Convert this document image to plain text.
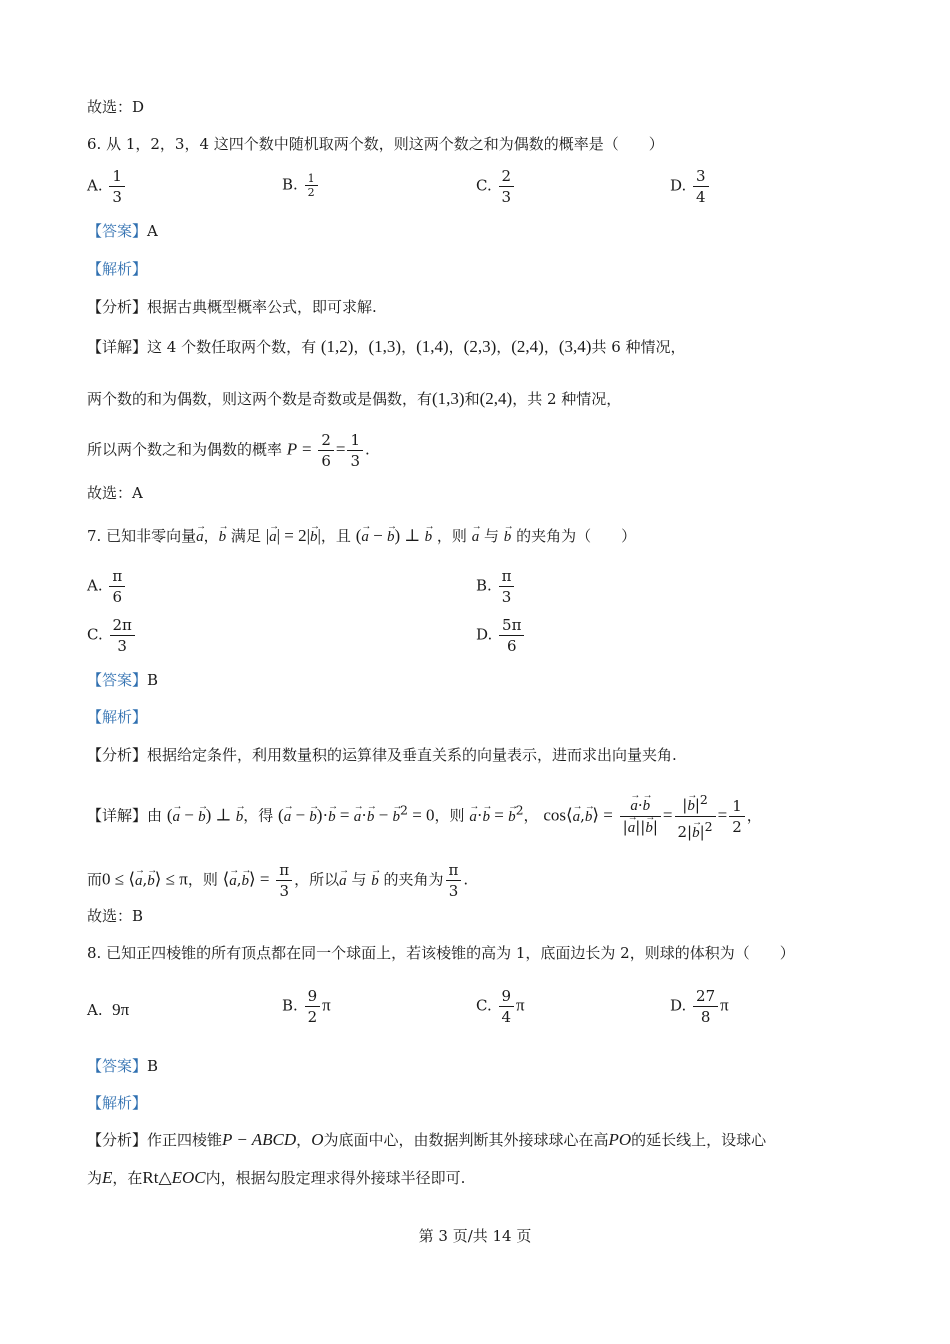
故选：D
6. 从 1，2，3，4 这四个数中随机取两个数，则这两个数之和为偶数的概率是（　　）
A. $\frac{1}{3}$	B. $\frac{1}{2}$	C. $\frac{2}{3}$	D. $\frac{3}{4}$
【答案】A
【解析】
【分析】根据古典概型概率公式，即可求解.
【详解】这 4 个数任取两个数，有 (1,2)，(1,3)，(1,4)，(2,3)，(2,4)，(3,4)共 6 种情况，
两个数的和为偶数，则这两个数是奇数或是偶数，有(1,3)和(2,4)，共 2 种情况，
所以两个数之和为偶数的概率 $P = \frac{2}{6} = \frac{1}{3}$ .
故选：A
7. 已知非零向量→ a，→ b 满足 |→ a| = 2|→ b|，且 (→ a − → b) ⊥ → b ，则 → a 与 → b 的夹角为（　　）
A. $\frac{\pi}{6}$	B. $\frac{\pi}{3}$
C. $\frac{2\pi}{3}$	D. $\frac{5\pi}{6}$
【答案】B
【解析】
【分析】根据给定条件，利用数量积的运算律及垂直关系的向量表示，进而求出向量夹角.
【详解】由 (→ a − → b) ⊥ → b，得 (→ a − → b)·→ b = → a·→ b − → $b^2 = 0$，则 → a·→ b = → $b^2$， cos⟨→ a,→ b⟩ = → $\frac{a\cdot\to b}{|\to a||\to b|} = \frac{|\to b|^2}{2|\to b|^2} = \frac{1}{2}$ ，
而0 ≤ ⟨→ a,→ b⟩ ≤ π，则 ⟨→ a,→ b⟩ = $\frac{\pi}{3}$ ，所以→ a 与 → b 的夹角为 $\frac{\pi}{3}$ .
故选：B
8. 已知正四棱锥的所有顶点都在同一个球面上，若该棱锥的高为 1，底面边长为 2，则球的体积为（　　）
A.  9π	B. $\frac{9}{2}$ π	C. $\frac{9}{4}$ π	D. $\frac{27}{8}$ π
【答案】B
【解析】
【分析】作正四棱锥P − ABCD，O为底面中心，由数据判断其外接球球心在高PO的延长线上，设球心
为E，在Rt△EOC内，根据勾股定理求得外接球半径即可.
第 3 页/共 14 页
